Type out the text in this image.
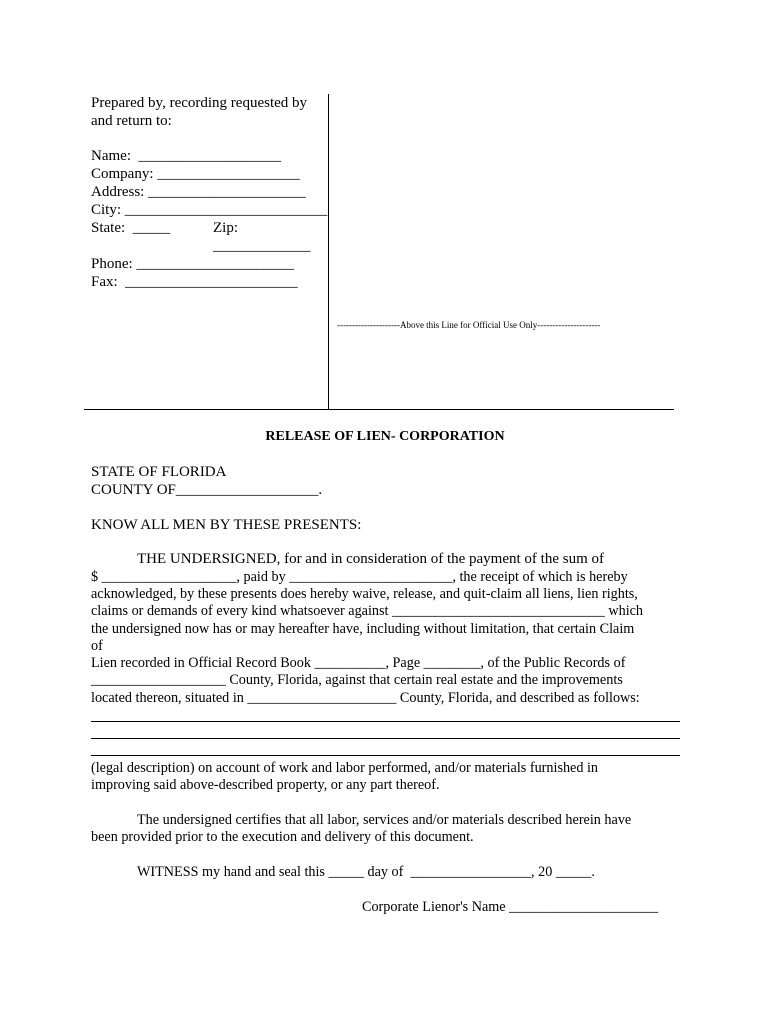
Prepared by, recording requested by
and return to:
Name:  ___________________
Company: ___________________
Address: _____________________
City: ___________________________
State:  _____	Zip:
_____________
Phone: _____________________
Fax:  _______________________
---------------------Above this Line for Official Use Only---------------------
RELEASE OF LIEN- CORPORATION
STATE OF FLORIDA
COUNTY OF___________________.
KNOW ALL MEN BY THESE PRESENTS:
THE UNDERSIGNED, for and in consideration of the payment of the sum of
$ ___________________, paid by _______________________, the receipt of which is hereby
acknowledged, by these presents does hereby waive, release, and quit-claim all liens, lien rights,
claims or demands of every kind whatsoever against ______________________________ which
the undersigned now has or may hereafter have, including without limitation, that certain Claim
of
Lien recorded in Official Record Book __________, Page ________, of the Public Records of
___________________ County, Florida, against that certain real estate and the improvements
located thereon, situated in _____________________ County, Florida, and described as follows:
(legal description) on account of work and labor performed, and/or materials furnished in
improving said above-described property, or any part thereof.
The undersigned certifies that all labor, services and/or materials described herein have
been provided prior to the execution and delivery of this document.
WITNESS my hand and seal this _____ day of  _________________, 20 _____.
Corporate Lienor's Name _____________________
